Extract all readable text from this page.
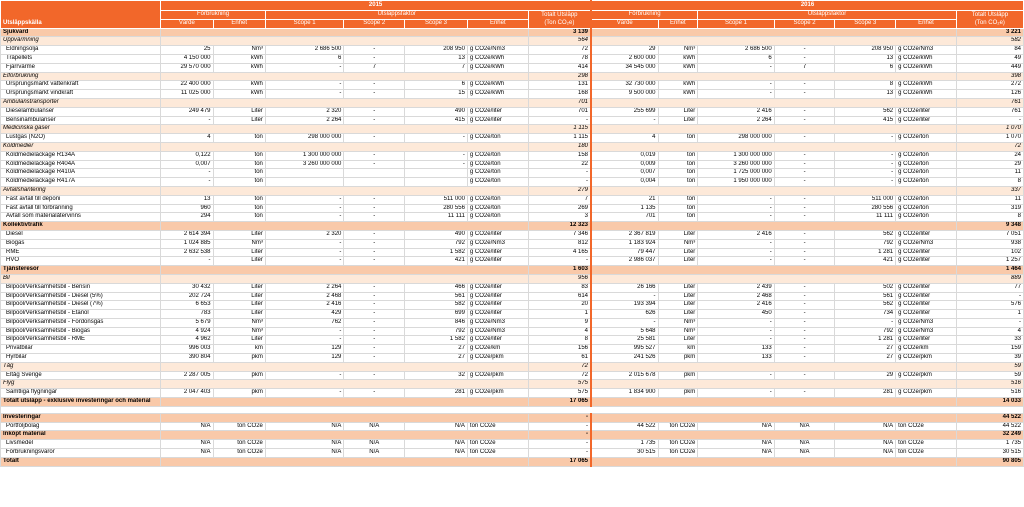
Utsläppskälla	2015							2016						
	Förbrukning		Utsläppsfaktor				Totalt Utsläpp
(Ton CO₂e)	Förbrukning		Utsläppsfaktor				Totalt Utsläpp
(Ton CO₂e)
	Värde	Enhet	Scope 1	Scope 2	Scope 3	Enhet		Värde	Enhet	Scope 1	Scope 2	Scope 3	Enhet	
Sjukvård							3 139							3 221
Uppvärmning							564							582
Eldningsolja	25	Nm³	2 686 500	-	208 950	g CO2e/Nm3	72	29	Nm³	2 686 500	-	208 950	g CO2e/Nm3	84
Träpellets	4 150 000	kWh	6	-	13	g CO2e/kWh	78	2 600 000	kWh	6	-	13	g CO2e/kWh	49
Fjärrvärme	29 570 000	kWh	-	7	7	g CO2e/kWh	414	34 545 000	kWh	-	7	6	g CO2e/kWh	449
Elförbrukning							298							398
Ursprungsmärkt vattenkraft	22 400 000	kWh	-	-	6	g CO2e/kWh	131	32 730 000	kWh	-	-	8	g CO2e/kWh	272
Ursprungsmärkt vindkraft	11 025 000	kWh	-	-	15	g CO2e/kWh	168	9 500 000	kWh	-	-	13	g CO2e/kWh	126
Ambulanstransporter							701							761
Dieselambulanser	249 479	Liter	2 320	-	490	g CO2e/liter	701	255 699	Liter	2 416	-	562	g CO2e/liter	761
Bensinambulanser	-	Liter	2 264	-	415	g CO2e/liter	-	-	Liter	2 264	-	415	g CO2e/liter	-
Medicinska gaser							1 115							1 070
Lustgas (N2O)	4	ton	298 000 000	-	-	g CO2e/ton	1 115	4	ton	298 000 000	-	-	g CO2e/ton	1 070
Köldmedier							180							72
Köldmedieläckage R134A	0,122	ton	1 300 000 000	-	-	g CO2e/ton	158	0,019	ton	1 300 000 000	-	-	g CO2e/ton	24
Köldmedieläckage R404A	0,007	ton	3 260 000 000	-	-	g CO2e/ton	22	0,009	ton	3 260 000 000	-	-	g CO2e/ton	29
Köldmedieläckage R410A	-	ton				g CO2e/ton	-	0,007	ton	1 725 000 000	-	-	g CO2e/ton	11
Köldmedieläckage R417A	-	ton				g CO2e/ton	-	0,004	ton	1 950 000 000	-	-	g CO2e/ton	8
Avfallshantering							279							337
Fast avfall till deponi	13	ton	-	-	511 000	g CO2e/ton	7	21	ton	-	-	511 000	g CO2e/ton	11
Fast avfall till förbränning	960	ton	-	-	280 556	g CO2e/ton	269	1 135	ton	-	-	280 556	g CO2e/ton	319
Avfall som materialåtervinns	294	ton	-	-	11 111	g CO2e/ton	3	701	ton	-	-	11 111	g CO2e/ton	8
Kollektivtrafik							12 323							9 348
Diesel	2 614 394	Liter	2 320	-	490	g CO2e/liter	7 346	2 367 819	Liter	2 416	-	562	g CO2e/liter	7 051
Biogas	1 024 885	Nm³	-	-	792	g CO2e/Nm3	812	1 183 924	Nm³	-	-	792	g CO2e/Nm3	938
RME	2 632 538	Liter	-	-	1 582	g CO2e/liter	4 165	79 447	Liter	-	-	1 281	g CO2e/liter	102
HVO	-	Liter	-	-	421	g CO2e/liter	-	2 986 037	Liter	-	-	421	g CO2e/liter	1 257
Tjänsteresor							1 603							1 464
Bil							956							889
Bilpool/Verksamhetsbil - Bensin	30 432	Liter	2 264	-	466	g CO2e/liter	83	26 166	Liter	2 439	-	502	g CO2e/liter	77
Bilpool/Verksamhetsbil - Diesel (5%)	202 724	Liter	2 468	-	561	g CO2e/liter	614	-	Liter	2 468	-	561	g CO2e/liter	-
Bilpool/Verksamhetsbil - Diesel (7%)	6 653	Liter	2 416	-	582	g CO2e/liter	20	193 394	Liter	2 416	-	562	g CO2e/liter	576
Bilpool/Verksamhetsbil - Etanol	783	Liter	429	-	699	g CO2e/liter	1	626	Liter	450	-	734	g CO2e/liter	1
Bilpool/Verksamhetsbil - Fordonsgas	5 679	Nm³	762	-	846	g CO2e/Nm3	9	-	Nm³	-	-	-	g CO2e/Nm3	-
Bilpool/Verksamhetsbil - Biogas	4 924	Nm³	-	-	792	g CO2e/Nm3	4	5 648	Nm³	-	-	792	g CO2e/Nm3	4
Bilpool/Verksamhetsbil - RME	4 962	Liter	-	-	1 582	g CO2e/liter	8	25 581	Liter	-	-	1 281	g CO2e/liter	33
Privatbilar	996 003	km	129	-	27	g CO2e/km	156	995 527	km	133	-	27	g CO2e/km	159
Hyrbilar	390 804	pkm	129	-	27	g CO2e/pkm	61	241 526	pkm	133	-	27	g CO2e/pkm	39
Tåg							72							59
Eltåg Sverige	2 287 005	pkm	-	-	32	g CO2e/pkm	72	2 015 678	pkm	-	-	29	g CO2e/pkm	59
Flyg							575							516
Samtliga flygningar	2 047 403	pkm	-	-	281	g CO2e/pkm	575	1 834 900	pkm	-	-	281	g CO2e/pkm	516
Totalt utsläpp - exklusive investeringar och material							17 065							14 033

Investeringar							-							44 522
Portföljbolag	N/A	ton CO2e	N/A	N/A	N/A	ton CO2e	-	44 522	ton CO2e	N/A	N/A	N/A	ton CO2e	44 522
Inköpt material							-							32 249
Livsmedel	N/A	ton CO2e	N/A	N/A	N/A	ton CO2e	-	1 735	ton CO2e	N/A	N/A	N/A	ton CO2e	1 735
Förbrukningsvaror	N/A	ton CO2e	N/A	N/A	N/A	ton CO2e	-	30 515	ton CO2e	N/A	N/A	N/A	ton CO2e	30 515
Totalt							17 065							90 805
